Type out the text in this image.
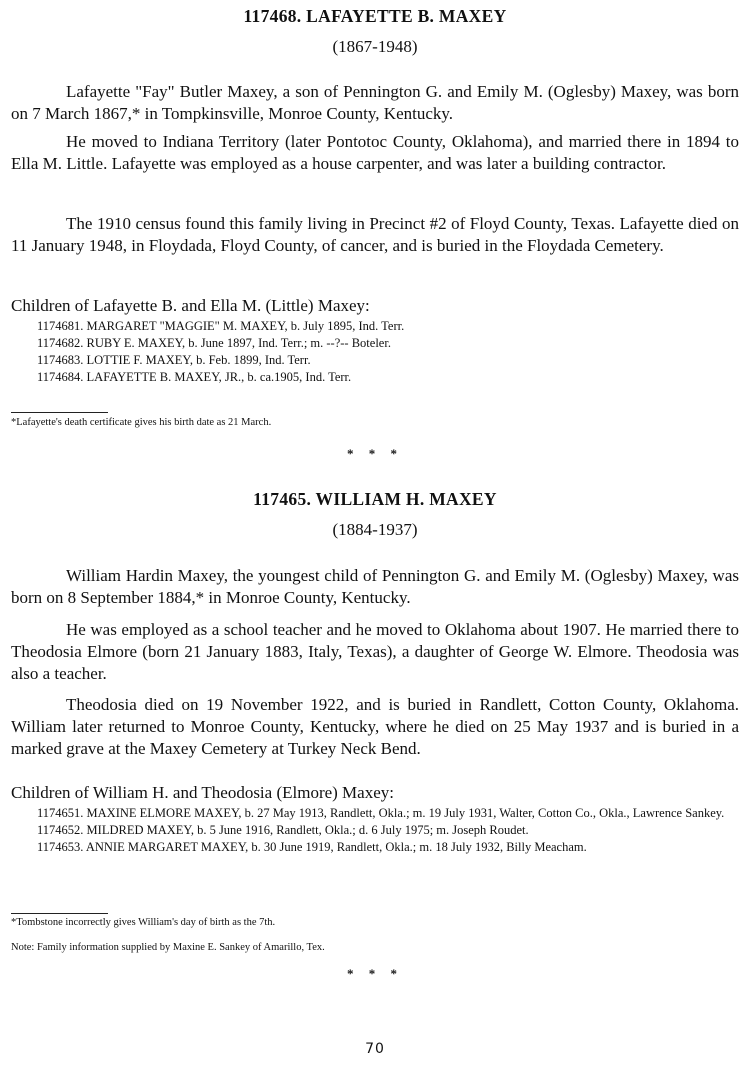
117468. LAFAYETTE B. MAXEY
(1867-1948)

Lafayette "Fay" Butler Maxey, a son of Pennington G. and Emily M. (Oglesby) Maxey, was born on 7 March 1867,* in Tompkinsville, Monroe County, Kentucky.

He moved to Indiana Territory (later Pontotoc County, Oklahoma), and married there in 1894 to Ella M. Little. Lafayette was employed as a house carpenter, and was later a building contractor.

The 1910 census found this family living in Precinct #2 of Floyd County, Texas. Lafayette died on 11 January 1948, in Floydada, Floyd County, of cancer, and is buried in the Floydada Cemetery.

Children of Lafayette B. and Ella M. (Little) Maxey:

1174681. MARGARET "MAGGIE" M. MAXEY, b. July 1895, Ind. Terr.
1174682. RUBY E. MAXEY, b. June 1897, Ind. Terr.; m. --?-- Boteler.
1174683. LOTTIE F. MAXEY, b. Feb. 1899, Ind. Terr.
1174684. LAFAYETTE B. MAXEY, JR., b. ca.1905, Ind. Terr.
*Lafayette's death certificate gives his birth date as 21 March.
* * *
117465. WILLIAM H. MAXEY
(1884-1937)

William Hardin Maxey, the youngest child of Pennington G. and Emily M. (Oglesby) Maxey, was born on 8 September 1884,* in Monroe County, Kentucky.

He was employed as a school teacher and he moved to Oklahoma about 1907. He married there to Theodosia Elmore (born 21 January 1883, Italy, Texas), a daughter of George W. Elmore. Theodosia was also a teacher.

Theodosia died on 19 November 1922, and is buried in Randlett, Cotton County, Oklahoma. William later returned to Monroe County, Kentucky, where he died on 25 May 1937 and is buried in a marked grave at the Maxey Cemetery at Turkey Neck Bend.

Children of William H. and Theodosia (Elmore) Maxey:

1174651. MAXINE ELMORE MAXEY, b. 27 May 1913, Randlett, Okla.; m. 19 July 1931, Walter, Cotton Co., Okla., Lawrence Sankey.
1174652. MILDRED MAXEY, b. 5 June 1916, Randlett, Okla.; d. 6 July 1975; m. Joseph Roudet.
1174653. ANNIE MARGARET MAXEY, b. 30 June 1919, Randlett, Okla.; m. 18 July 1932, Billy Meacham.
*Tombstone incorrectly gives William's day of birth as the 7th.
Note: Family information supplied by Maxine E. Sankey of Amarillo, Tex.
* * *
70
